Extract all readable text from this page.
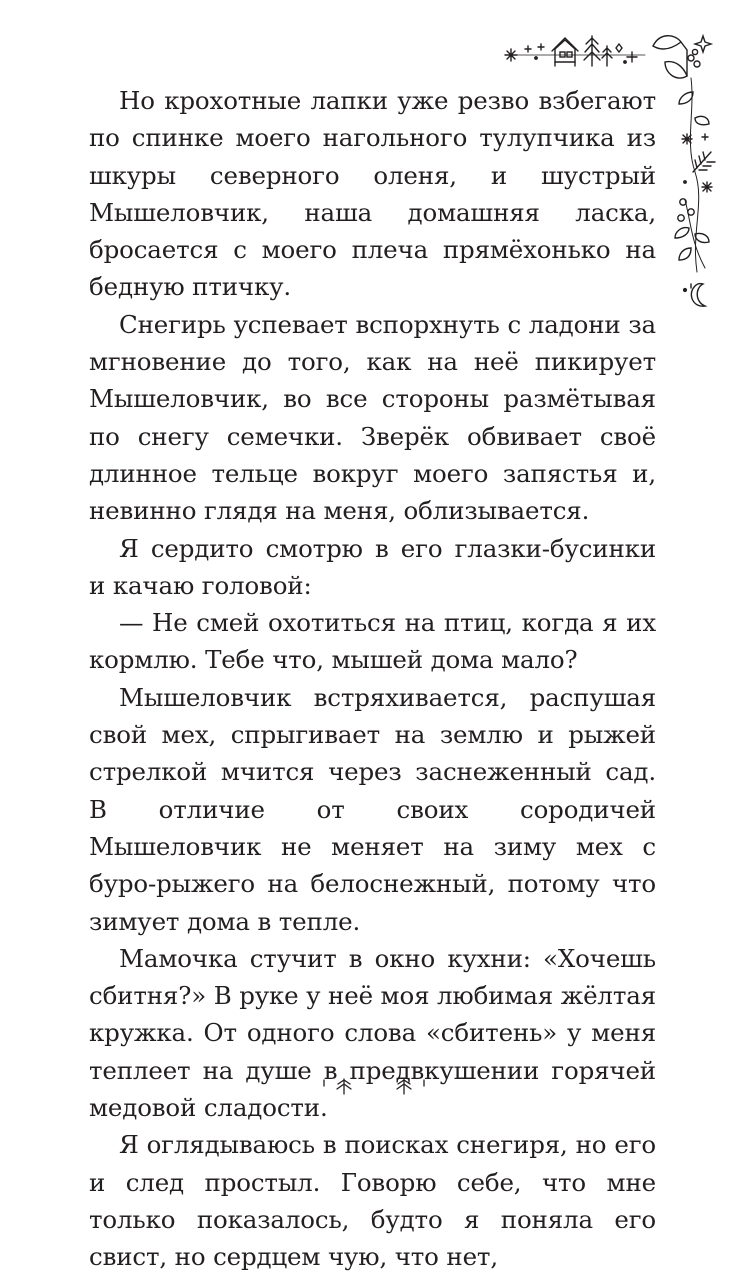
Но крохотные лапки уже резво взбегают по спинке моего нагольного тулупчика из шкуры северного оленя, и шустрый Мышеловчик, наша домашняя ласка, бросается с моего плеча прямёхонько на бедную птичку.

Снегирь успевает вспорхнуть с ладони за мгновение до того, как на неё пикирует Мышеловчик, во все стороны размётывая по снегу семечки. Зверёк обвивает своё длинное тельце вокруг моего запястья и, невинно глядя на меня, облизывается.

Я сердито смотрю в его глазки-бусинки и качаю головой:

— Не смей охотиться на птиц, когда я их кормлю. Тебе что, мышей дома мало?

Мышеловчик встряхивается, распушая свой мех, спрыгивает на землю и рыжей стрелкой мчится через заснеженный сад. В отличие от своих сородичей Мышеловчик не меняет на зиму мех с буро-рыжего на белоснежный, потому что зимует дома в тепле.

Мамочка стучит в окно кухни: «Хочешь сбитня?» В руке у неё моя любимая жёлтая кружка. От одного слова «сбитень» у меня теплеет на душе в предвкушении горячей медовой сладости.

Я оглядываюсь в поисках снегиря, но его и след простыл. Говорю себе, что мне только показалось, будто я поняла его свист, но сердцем чую, что нет,
